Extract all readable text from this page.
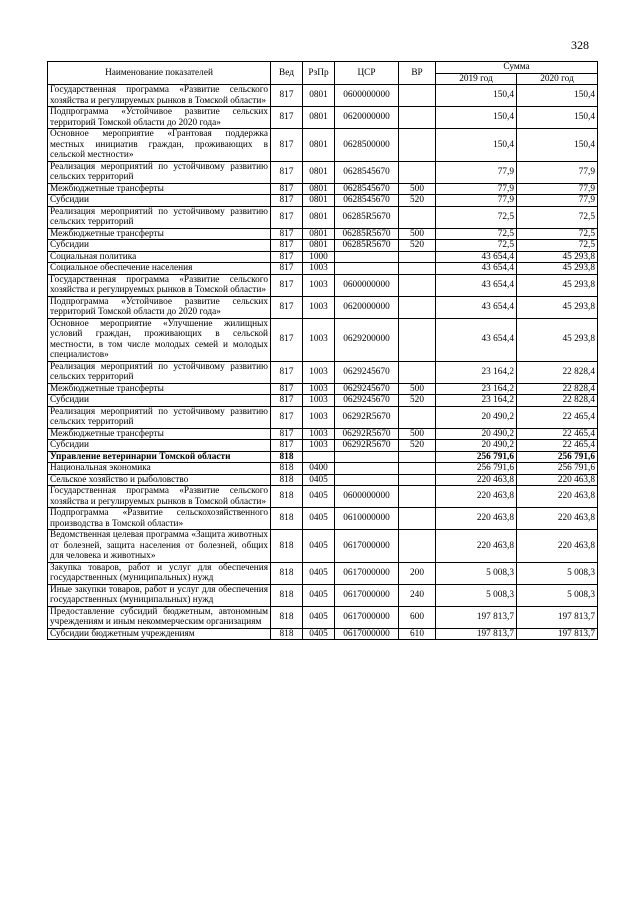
328
Наименование показателей	Вед	РзПр	ЦСР	ВР	Сумма	
					2019 год	2020 год
Государственная программа «Развитие сельского хозяйства и регулируемых рынков в Томской области»	817	0801	0600000000		150,4	150,4
Подпрограмма «Устойчивое развитие сельских территорий Томской области до 2020 года»	817	0801	0620000000		150,4	150,4
Основное мероприятие «Грантовая поддержка местных инициатив граждан, проживающих в сельской местности»	817	0801	0628500000		150,4	150,4
Реализация мероприятий по устойчивому развитию сельских территорий	817	0801	0628545670		77,9	77,9
Межбюджетные трансферты	817	0801	0628545670	500	77,9	77,9
Субсидии	817	0801	0628545670	520	77,9	77,9
Реализация мероприятий по устойчивому развитию сельских территорий	817	0801	06285R5670		72,5	72,5
Межбюджетные трансферты	817	0801	06285R5670	500	72,5	72,5
Субсидии	817	0801	06285R5670	520	72,5	72,5
Социальная политика	817	1000			43 654,4	45 293,8
Социальное обеспечение населения	817	1003			43 654,4	45 293,8
Государственная программа «Развитие сельского хозяйства и регулируемых рынков в Томской области»	817	1003	0600000000		43 654,4	45 293,8
Подпрограмма «Устойчивое развитие сельских территорий Томской области до 2020 года»	817	1003	0620000000		43 654,4	45 293,8
Основное мероприятие «Улучшение жилищных условий граждан, проживающих в сельской местности, в том числе молодых семей и молодых специалистов»	817	1003	0629200000		43 654,4	45 293,8
Реализация мероприятий по устойчивому развитию сельских территорий	817	1003	0629245670		23 164,2	22 828,4
Межбюджетные трансферты	817	1003	0629245670	500	23 164,2	22 828,4
Субсидии	817	1003	0629245670	520	23 164,2	22 828,4
Реализация мероприятий по устойчивому развитию сельских территорий	817	1003	06292R5670		20 490,2	22 465,4
Межбюджетные трансферты	817	1003	06292R5670	500	20 490,2	22 465,4
Субсидии	817	1003	06292R5670	520	20 490,2	22 465,4
Управление ветеринарии Томской области	818				256 791,6	256 791,6
Национальная экономика	818	0400			256 791,6	256 791,6
Сельское хозяйство и рыболовство	818	0405			220 463,8	220 463,8
Государственная программа «Развитие сельского хозяйства и регулируемых рынков в Томской области»	818	0405	0600000000		220 463,8	220 463,8
Подпрограмма «Развитие сельскохозяйственного производства в Томской области»	818	0405	0610000000		220 463,8	220 463,8
Ведомственная целевая программа «Защита животных от болезней, защита населения от болезней, общих для человека и животных»	818	0405	0617000000		220 463,8	220 463,8
Закупка товаров, работ и услуг для обеспечения государственных (муниципальных) нужд	818	0405	0617000000	200	5 008,3	5 008,3
Иные закупки товаров, работ и услуг для обеспечения государственных (муниципальных) нужд	818	0405	0617000000	240	5 008,3	5 008,3
Предоставление субсидий бюджетным, автономным учреждениям и иным некоммерческим организациям	818	0405	0617000000	600	197 813,7	197 813,7
Субсидии бюджетным учреждениям	818	0405	0617000000	610	197 813,7	197 813,7
